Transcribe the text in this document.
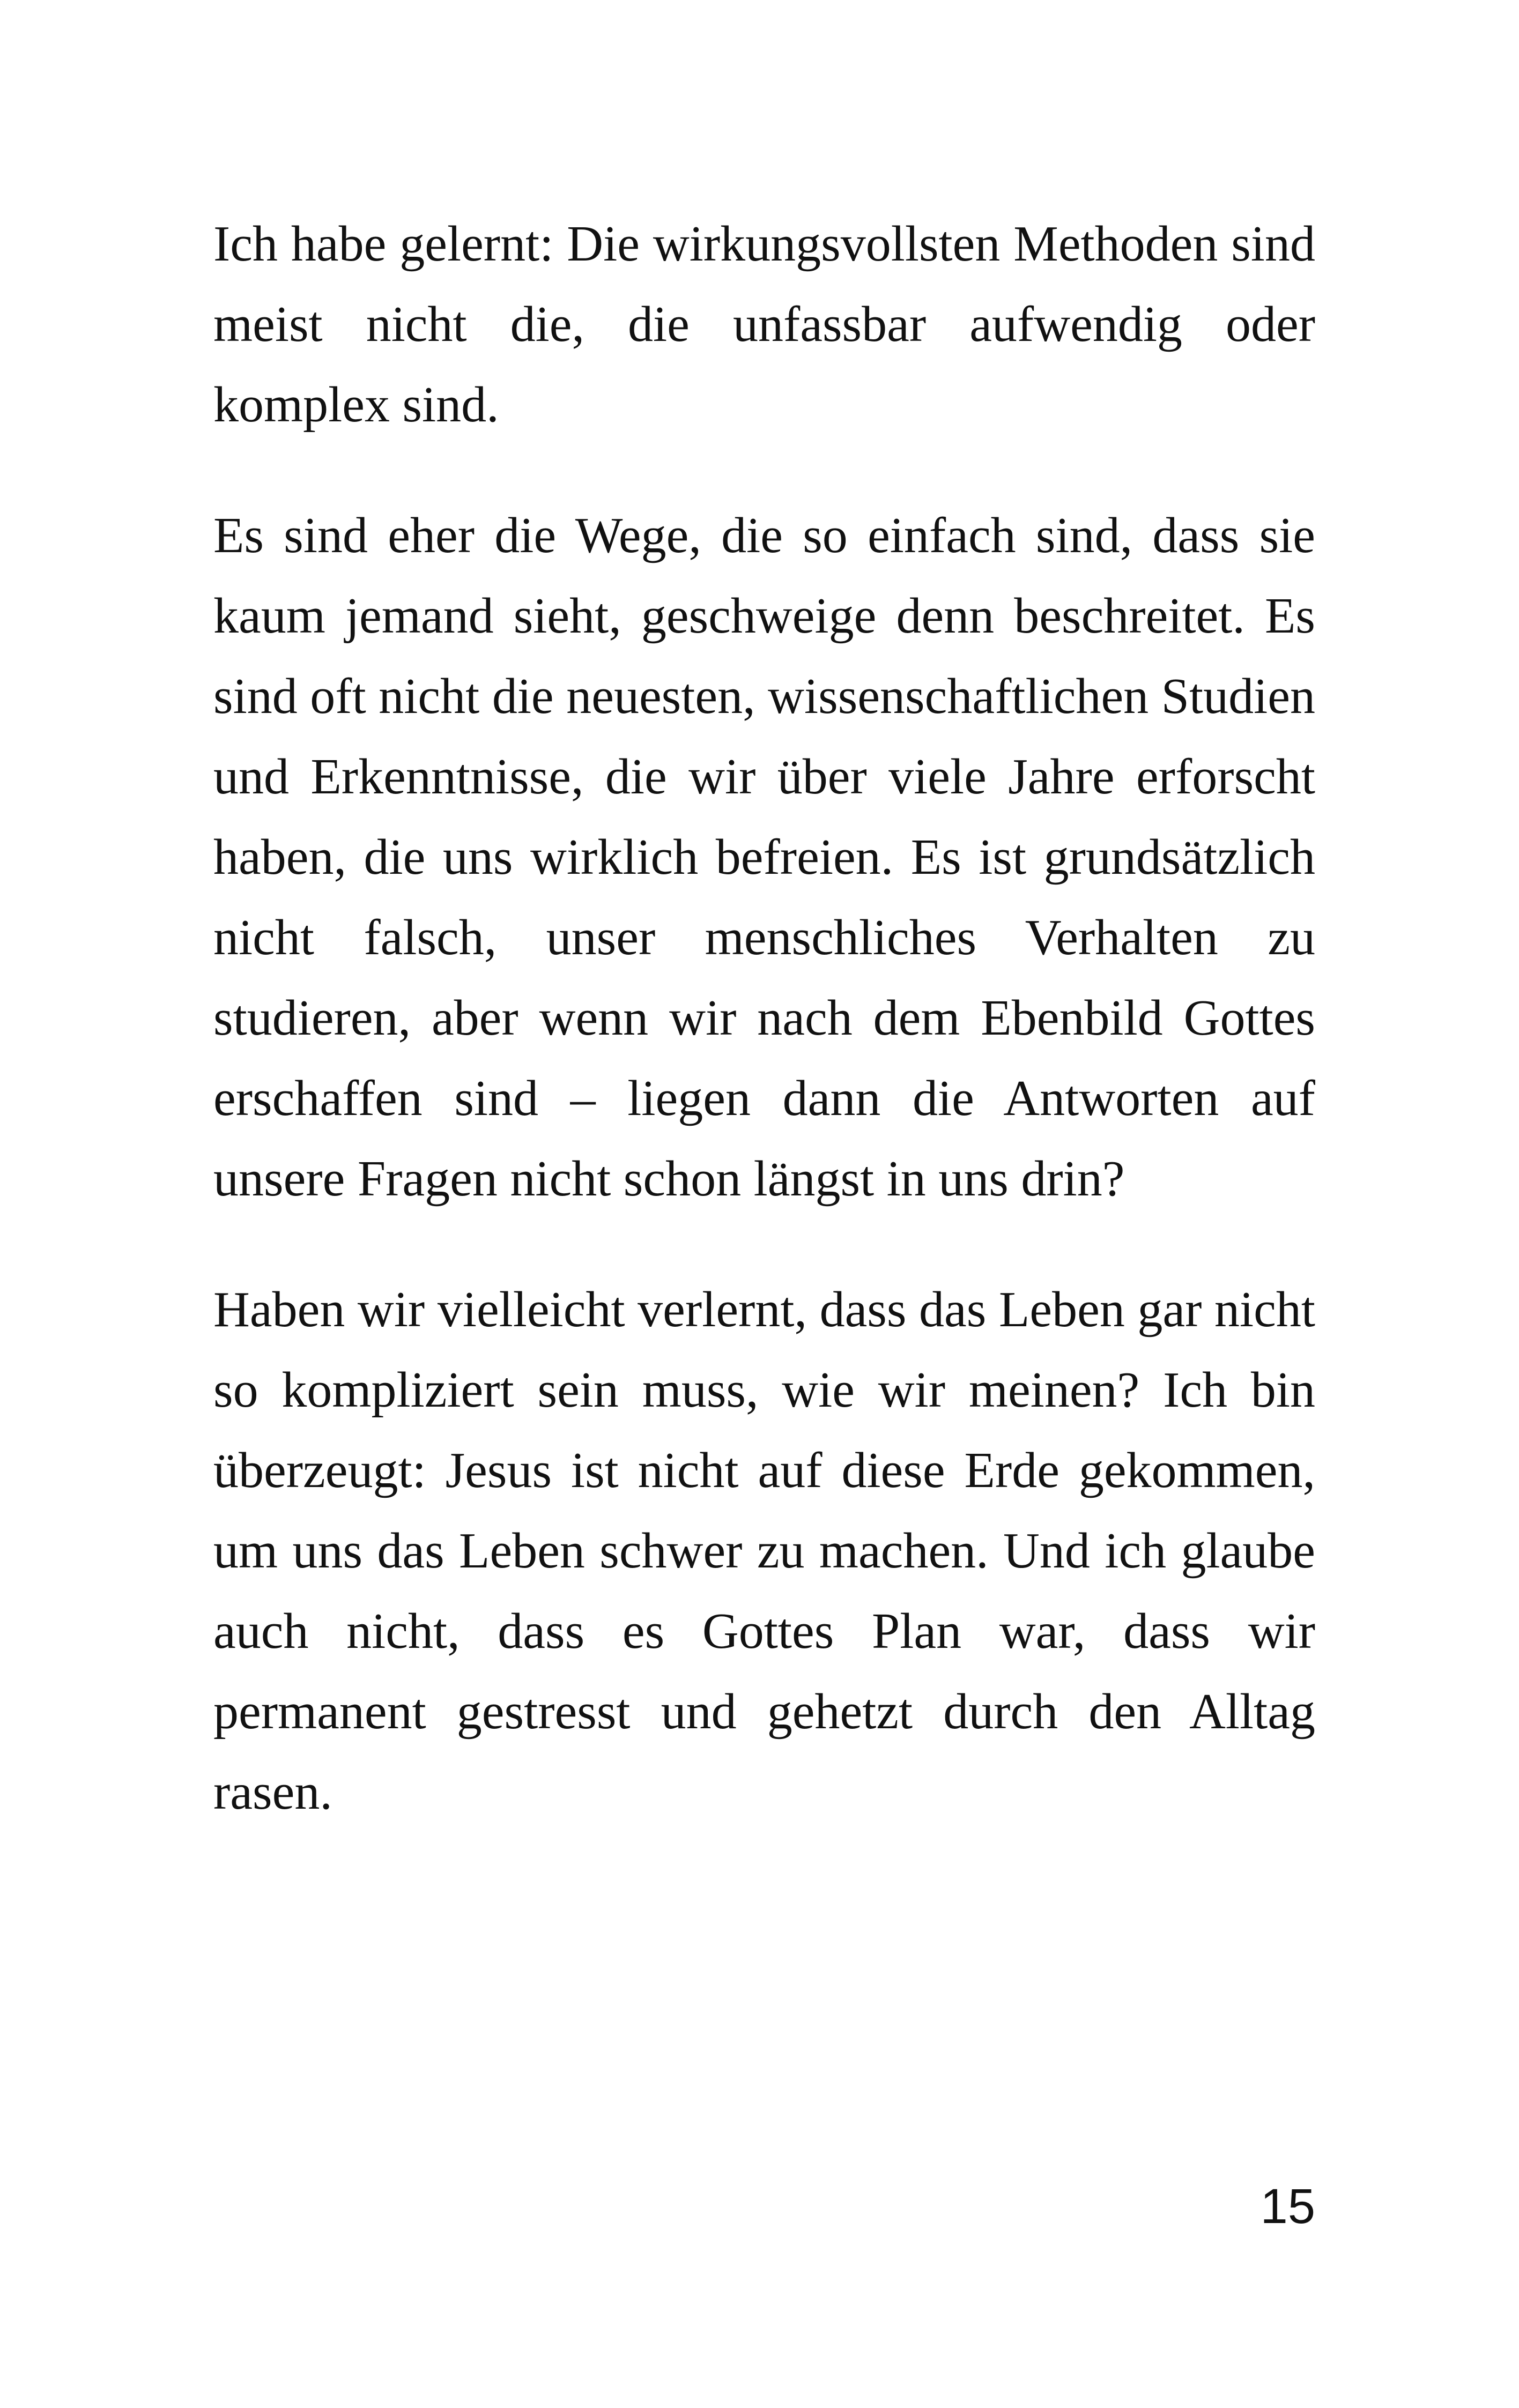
Ich habe gelernt: Die wirkungsvollsten Methoden sind meist nicht die, die unfassbar aufwendig oder komplex sind.

Es sind eher die Wege, die so einfach sind, dass sie kaum jemand sieht, geschweige denn beschreitet. Es sind oft nicht die neuesten, wissenschaftlichen Studien und Erkenntnisse, die wir über viele Jahre erforscht haben, die uns wirklich befreien. Es ist grundsätzlich nicht falsch, unser menschliches Verhalten zu studieren, aber wenn wir nach dem Ebenbild Gottes erschaffen sind – liegen dann die Antworten auf unsere Fragen nicht schon längst in uns drin?

Haben wir vielleicht verlernt, dass das Leben gar nicht so kompliziert sein muss, wie wir meinen? Ich bin überzeugt: Jesus ist nicht auf diese Erde gekommen, um uns das Leben schwer zu machen. Und ich glaube auch nicht, dass es Gottes Plan war, dass wir permanent gestresst und gehetzt durch den Alltag rasen.

15
